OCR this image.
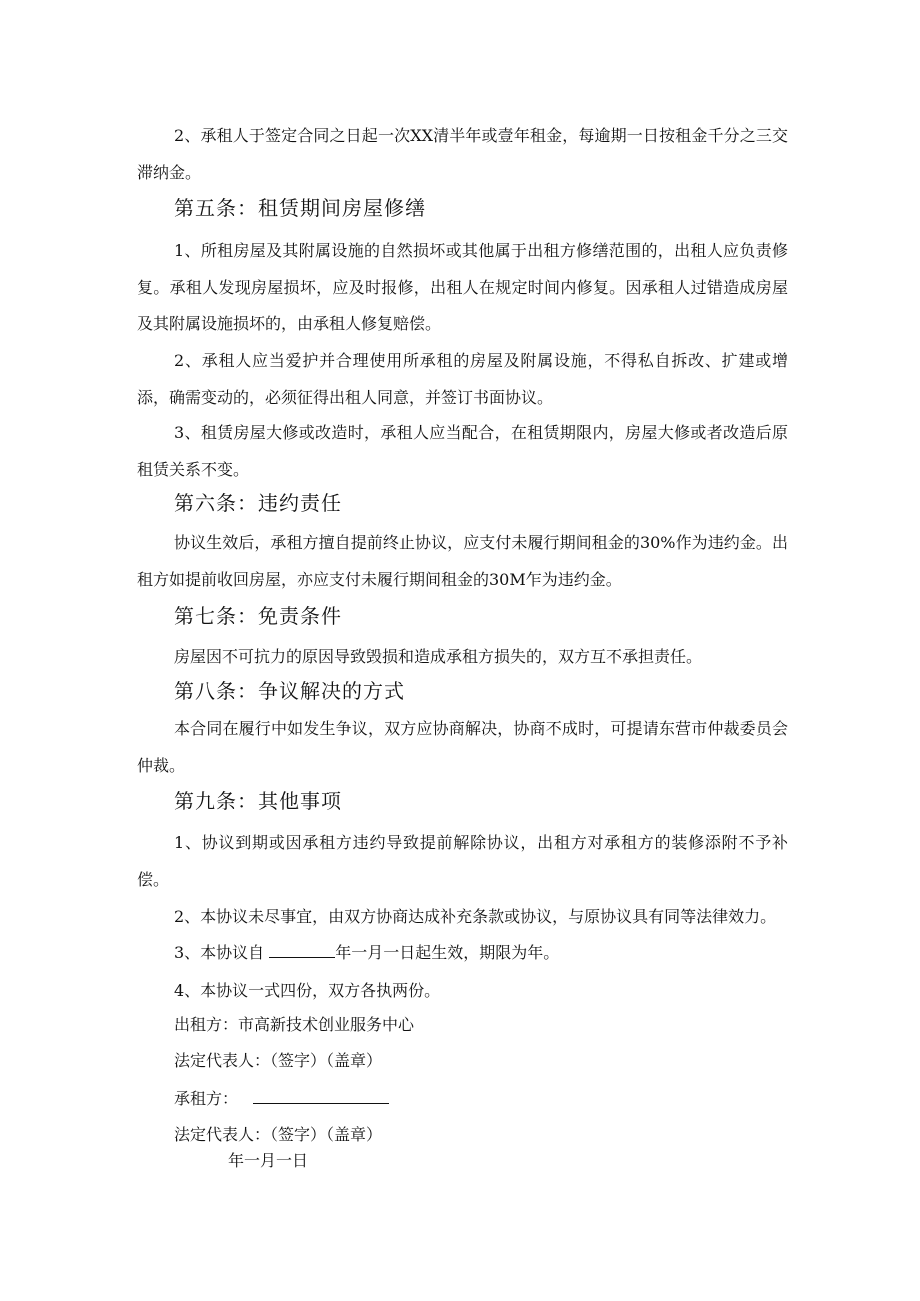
2、承租人于签定合同之日起一次XX清半年或壹年租金，每逾期一日按租金千分之三交滞纳金。

第五条：租赁期间房屋修缮

1、所租房屋及其附属设施的自然损坏或其他属于出租方修缮范围的，出租人应负责修复。承租人发现房屋损坏，应及时报修，出租人在规定时间内修复。因承租人过错造成房屋及其附属设施损坏的，由承租人修复赔偿。

2、承租人应当爱护并合理使用所承租的房屋及附属设施，不得私自拆改、扩建或增添，确需变动的，必须征得出租人同意，并签订书面协议。

3、租赁房屋大修或改造时，承租人应当配合，在租赁期限内，房屋大修或者改造后原租赁关系不变。

第六条：违约责任

协议生效后，承租方擅自提前终止协议，应支付未履行期间租金的30%作为违约金。出租方如提前收回房屋，亦应支付未履行期间租金的30M乍为违约金。

第七条：免责条件

房屋因不可抗力的原因导致毁损和造成承租方损失的，双方互不承担责任。

第八条：争议解决的方式

本合同在履行中如发生争议，双方应协商解决，协商不成时，可提请东营市仲裁委员会仲裁。

第九条：其他事项

1、协议到期或因承租方违约导致提前解除协议，出租方对承租方的装修添附不予补偿。

2、本协议未尽事宜，由双方协商达成补充条款或协议，与原协议具有同等法律效力。

3、本协议自	年一月一日起生效，期限为年。

4、本协议一式四份，双方各执两份。

出租方：市高新技术创业服务中心

法定代表人：（签字）（盖章）

承租方：

法定代表人：（签字）（盖章）

年一月一日
